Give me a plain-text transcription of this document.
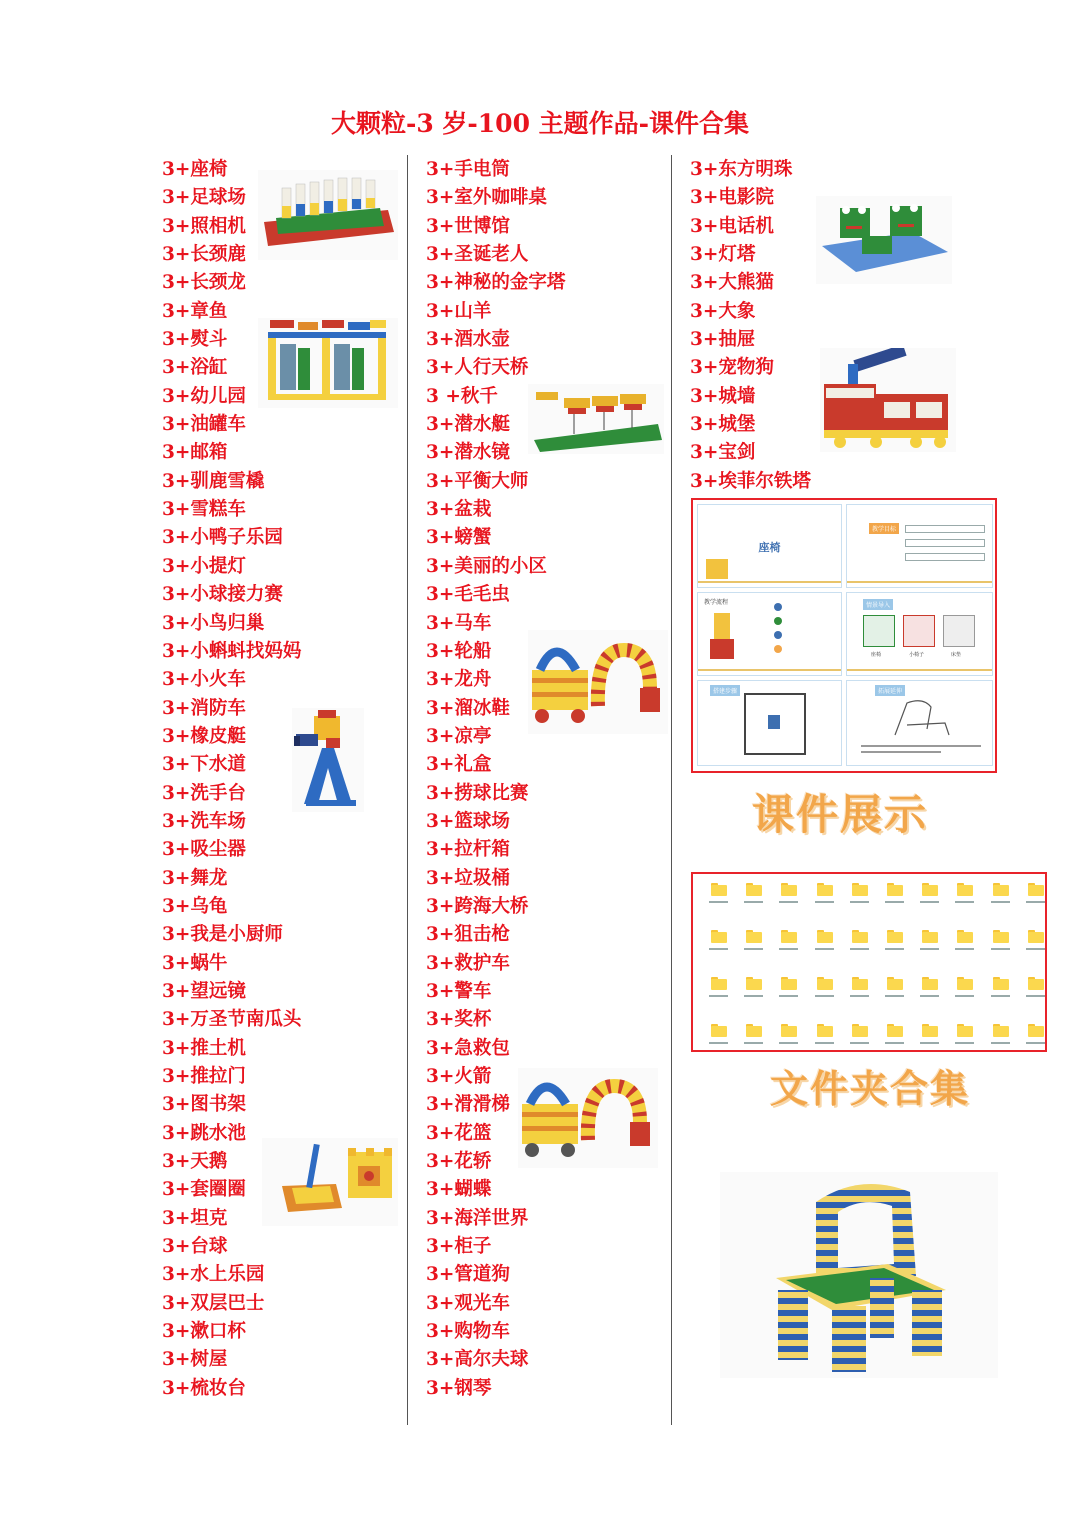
大颗粒-3 岁-100 主题作品-课件合集
3+座椅
3+足球场
3+照相机
3+长颈鹿
3+长颈龙
3+章鱼
3+熨斗
3+浴缸
3+幼儿园
3+油罐车
3+邮箱
3+驯鹿雪橇
3+雪糕车
3+小鸭子乐园
3+小提灯
3+小球接力赛
3+小鸟归巢
3+小蝌蚪找妈妈
3+小火车
3+消防车
3+橡皮艇
3+下水道
3+洗手台
3+洗车场
3+吸尘器
3+舞龙
3+乌龟
3+我是小厨师
3+蜗牛
3+望远镜
3+万圣节南瓜头
3+推土机
3+推拉门
3+图书架
3+跳水池
3+天鹅
3+套圈圈
3+坦克
3+台球
3+水上乐园
3+双层巴士
3+漱口杯
3+树屋
3+梳妆台
3+手电筒
3+室外咖啡桌
3+世博馆
3+圣诞老人
3+神秘的金字塔
3+山羊
3+酒水壶
3+人行天桥
3 +秋千
3+潜水艇
3+潜水镜
3+平衡大师
3+盆栽
3+螃蟹
3+美丽的小区
3+毛毛虫
3+马车
3+轮船
3+龙舟
3+溜冰鞋
3+凉亭
3+礼盒
3+捞球比赛
3+篮球场
3+拉杆箱
3+垃圾桶
3+跨海大桥
3+狙击枪
3+救护车
3+警车
3+奖杯
3+急救包
3+火箭
3+滑滑梯
3+花篮
3+花轿
3+蝴蝶
3+海洋世界
3+柜子
3+管道狗
3+观光车
3+购物车
3+高尔夫球
3+钢琴
3+东方明珠
3+电影院
3+电话机
3+灯塔
3+大熊猫
3+大象
3+抽屉
3+宠物狗
3+城墙
3+城堡
3+宝剑
3+埃菲尔铁塔
座椅
教学目标
教学流程	情景导入
座椅	小椅子	床垫
搭建步骤	拓展延伸
课件展示
文件夹合集
